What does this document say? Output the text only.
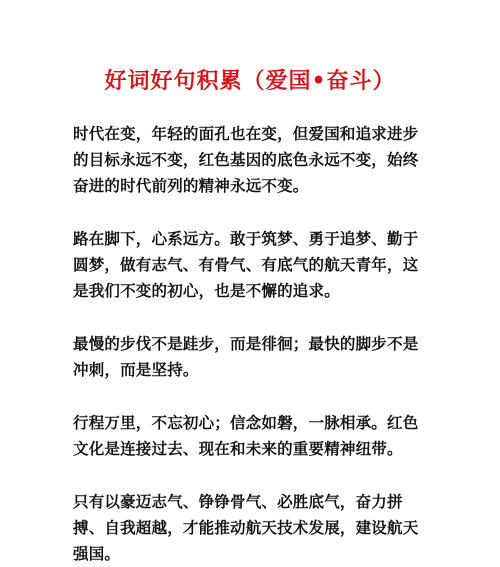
好词好句积累（爱国•奋斗）

时代在变，年轻的面孔也在变，但爱国和追求进步的目标永远不变，红色基因的底色永远不变，始终奋进的时代前列的精神永远不变。

路在脚下，心系远方。敢于筑梦、勇于追梦、勤于圆梦，做有志气、有骨气、有底气的航天青年，这是我们不变的初心，也是不懈的追求。

最慢的步伐不是跬步，而是徘徊；最快的脚步不是冲刺，而是坚持。

行程万里，不忘初心；信念如磐，一脉相承。红色文化是连接过去、现在和未来的重要精神纽带。

只有以豪迈志气、铮铮骨气、必胜底气，奋力拼搏、自我超越，才能推动航天技术发展，建设航天强国。
